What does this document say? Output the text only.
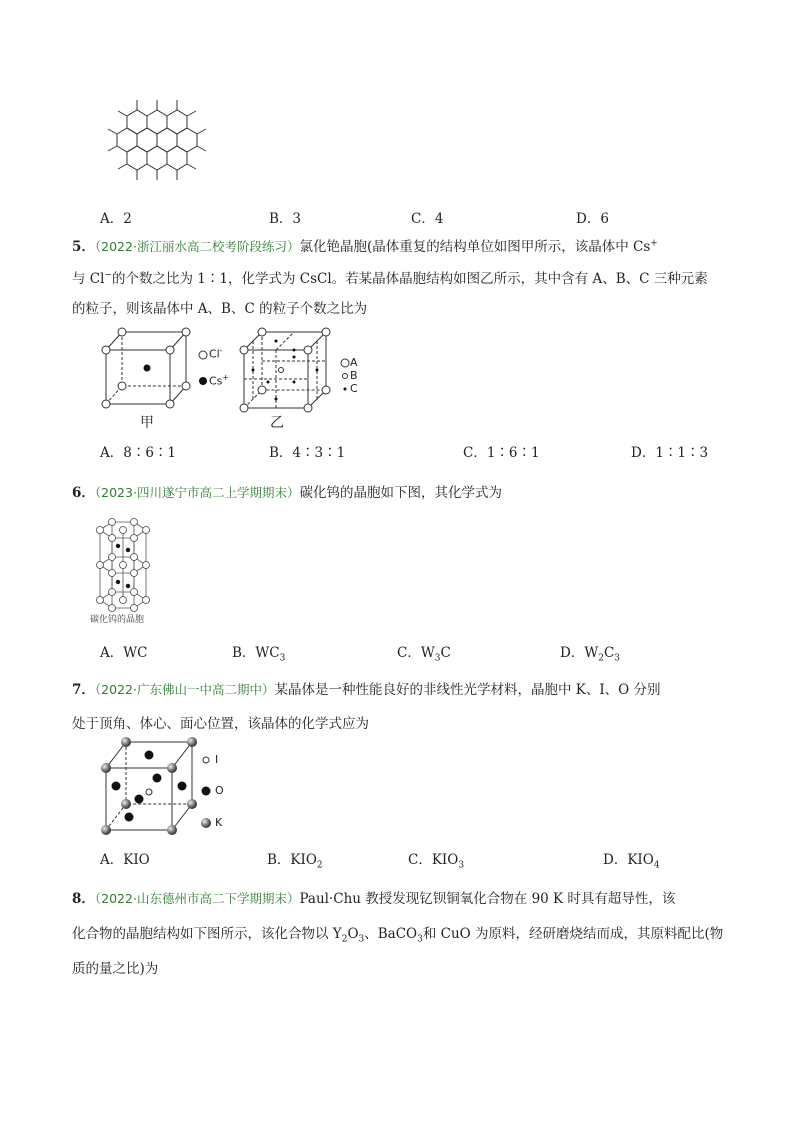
A．2	B．3	C．4	D．6
5．（2022·浙江丽水高二校考阶段练习）氯化铯晶胞(晶体重复的结构单位如图甲所示，该晶体中 Cs+
与 Cl−的个数之比为 1∶1，化学式为 CsCl。若某晶体晶胞结构如图乙所示，其中含有 A、B、C 三种元素
的粒子，则该晶体中 A、B、C 的粒子个数之比为
Cl-
Cs+
甲
A
B
C
乙
A．8∶6∶1	B．4∶3∶1	C．1∶6∶1	D．1∶1∶3
6．（2023·四川遂宁市高二上学期期末）碳化钨的晶胞如下图，其化学式为
碳化钨的晶胞
A．WC	B．$WC_3$	C．$W_3C$	D．$W_2C_3$
7．（2022·广东佛山一中高二期中）某晶体是一种性能良好的非线性光学材料，晶胞中 K、I、O 分别
处于顶角、体心、面心位置，该晶体的化学式应为
I
O
K
A．KIO	B．$KIO_2$	C．$KIO_3$	D．$KIO_4$
8．（2022·山东德州市高二下学期期末）Paul·Chu 教授发现钇钡铜氧化合物在 90 K 时具有超导性，该
化合物的晶胞结构如下图所示，该化合物以 $Y_2O_3$、BaCO$_3$和 CuO 为原料，经研磨烧结而成，其原料配比(物
质的量之比)为
